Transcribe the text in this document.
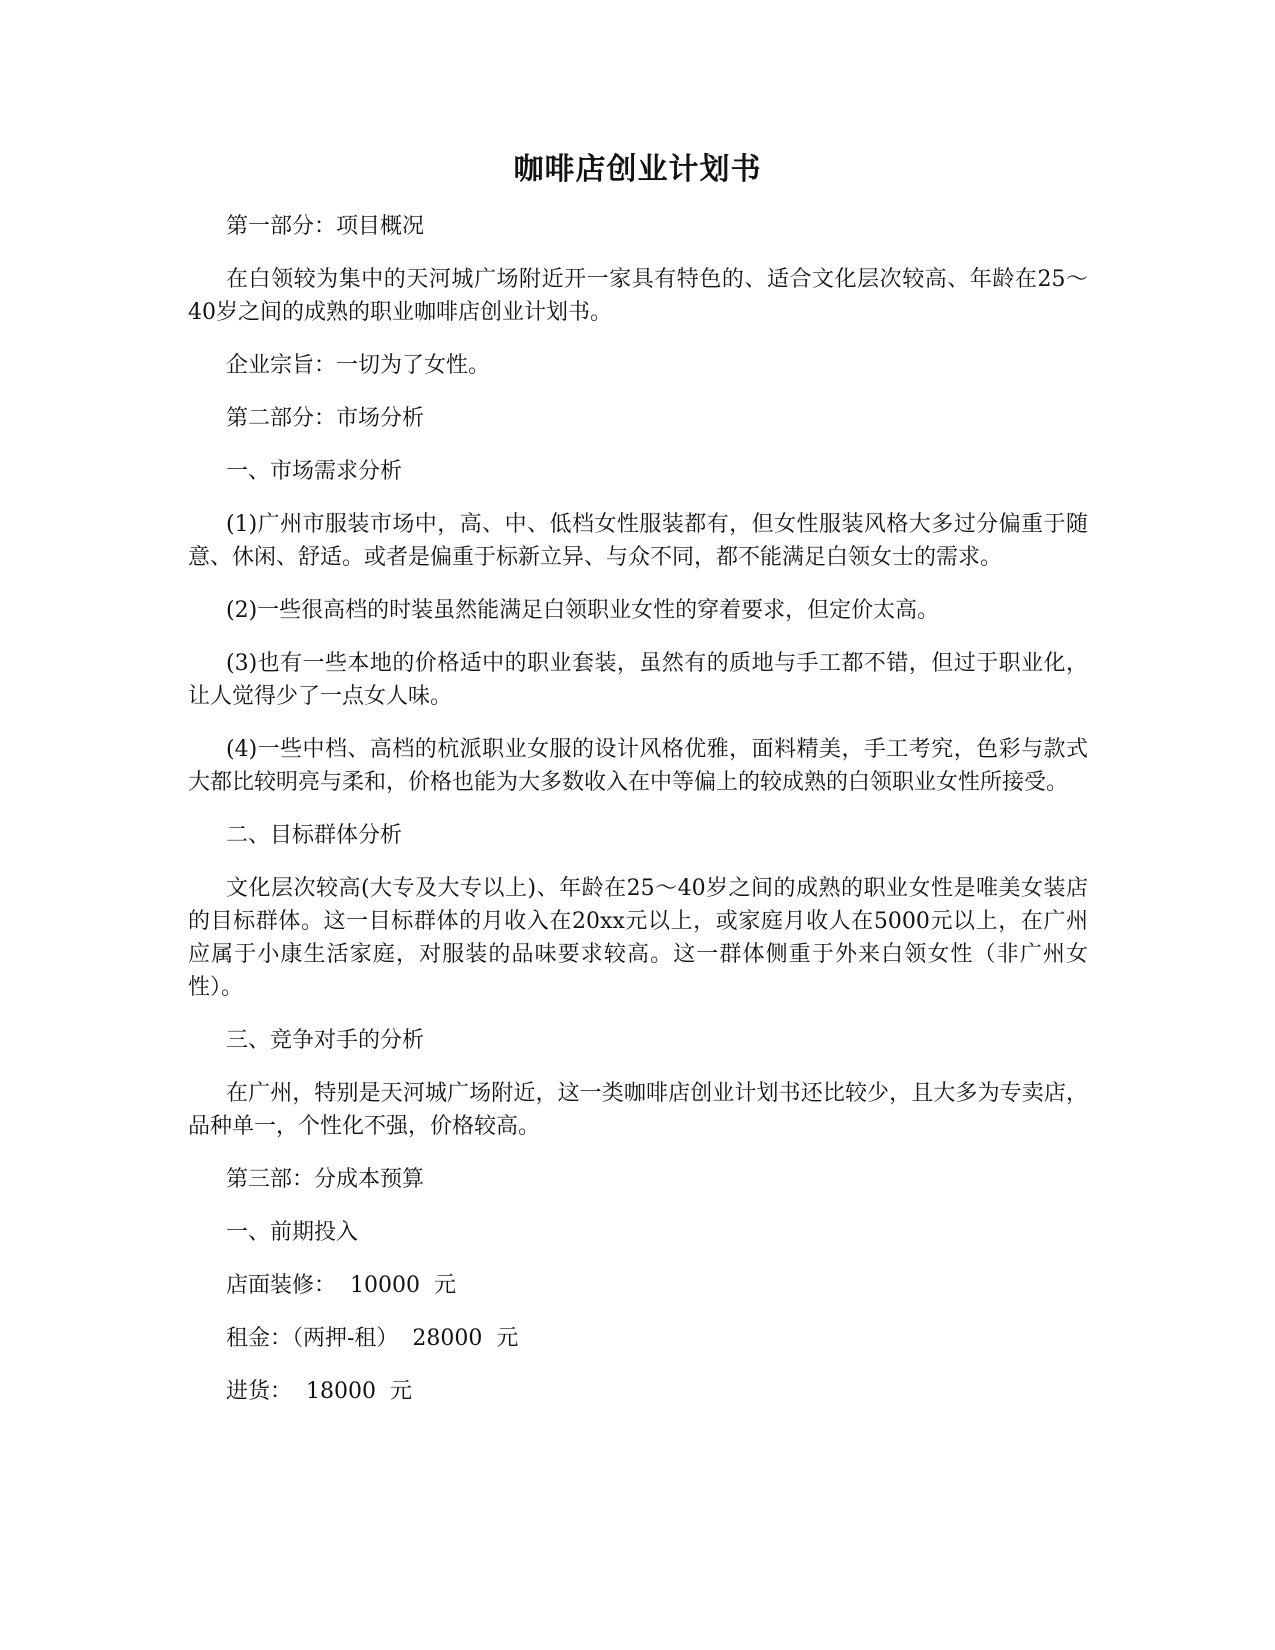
咖啡店创业计划书

第一部分：项目概况

在白领较为集中的天河城广场附近开一家具有特色的、适合文化层次较高、年龄在25～40岁之间的成熟的职业咖啡店创业计划书。

企业宗旨：一切为了女性。

第二部分：市场分析

一、市场需求分析

(1)广州市服装市场中，高、中、低档女性服装都有，但女性服装风格大多过分偏重于随意、休闲、舒适。或者是偏重于标新立异、与众不同，都不能满足白领女士的需求。

(2)一些很高档的时装虽然能满足白领职业女性的穿着要求，但定价太高。

(3)也有一些本地的价格适中的职业套装，虽然有的质地与手工都不错，但过于职业化，让人觉得少了一点女人味。

(4)一些中档、高档的杭派职业女服的设计风格优雅，面料精美，手工考究，色彩与款式大都比较明亮与柔和，价格也能为大多数收入在中等偏上的较成熟的白领职业女性所接受。

二、目标群体分析

文化层次较高(大专及大专以上)、年龄在25～40岁之间的成熟的职业女性是唯美女装店的目标群体。这一目标群体的月收入在20xx元以上，或家庭月收人在5000元以上，在广州应属于小康生活家庭，对服装的品味要求较高。这一群体侧重于外来白领女性（非广州女性）。

三、竞争对手的分析

在广州，特别是天河城广场附近，这一类咖啡店创业计划书还比较少，且大多为专卖店，品种单一，个性化不强，价格较高。

第三部：分成本预算

一、前期投入

店面装修：  10000  元

租金：（两押-租）  28000  元

进货：  18000  元
